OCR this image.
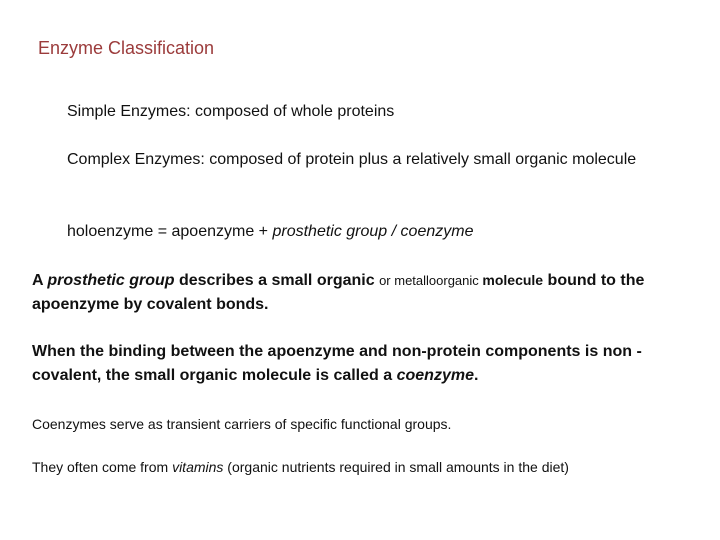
Enzyme Classification
Simple Enzymes: composed of whole proteins
Complex Enzymes: composed of protein plus a relatively small organic molecule
holoenzyme = apoenzyme + prosthetic group / coenzyme
A prosthetic group describes a small organic or metalloorganic molecule bound to the apoenzyme by covalent bonds.
When the binding between the apoenzyme and non-protein components is non -covalent, the small organic molecule is called a coenzyme.
Coenzymes serve as transient carriers of specific functional groups.
They often come from vitamins (organic nutrients required in small amounts in the diet)
